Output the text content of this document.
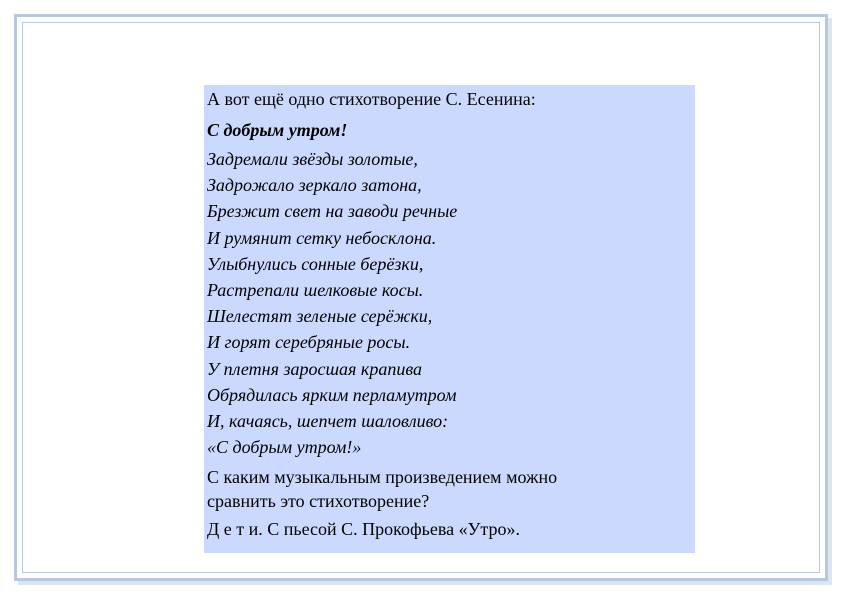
А вот ещё одно стихотворение С. Есенина:

С добрым утром!

Задремали звёзды золотые,
Задрожало зеркало затона,
Брезжит свет на заводи речные
И румянит сетку небосклона.
Улыбнулись сонные берёзки,
Растрепали шелковые косы.
Шелестят зеленые серёжки,
И горят серебряные росы.
У плетня заросшая крапива
Обрядилась ярким перламутром
И, качаясь, шепчет шаловливо:
«С добрым утром!»

С каким музыкальным произведением можно
сравнить это стихотворение?

Д е т и. С пьесой С. Прокофьева «Утро».
